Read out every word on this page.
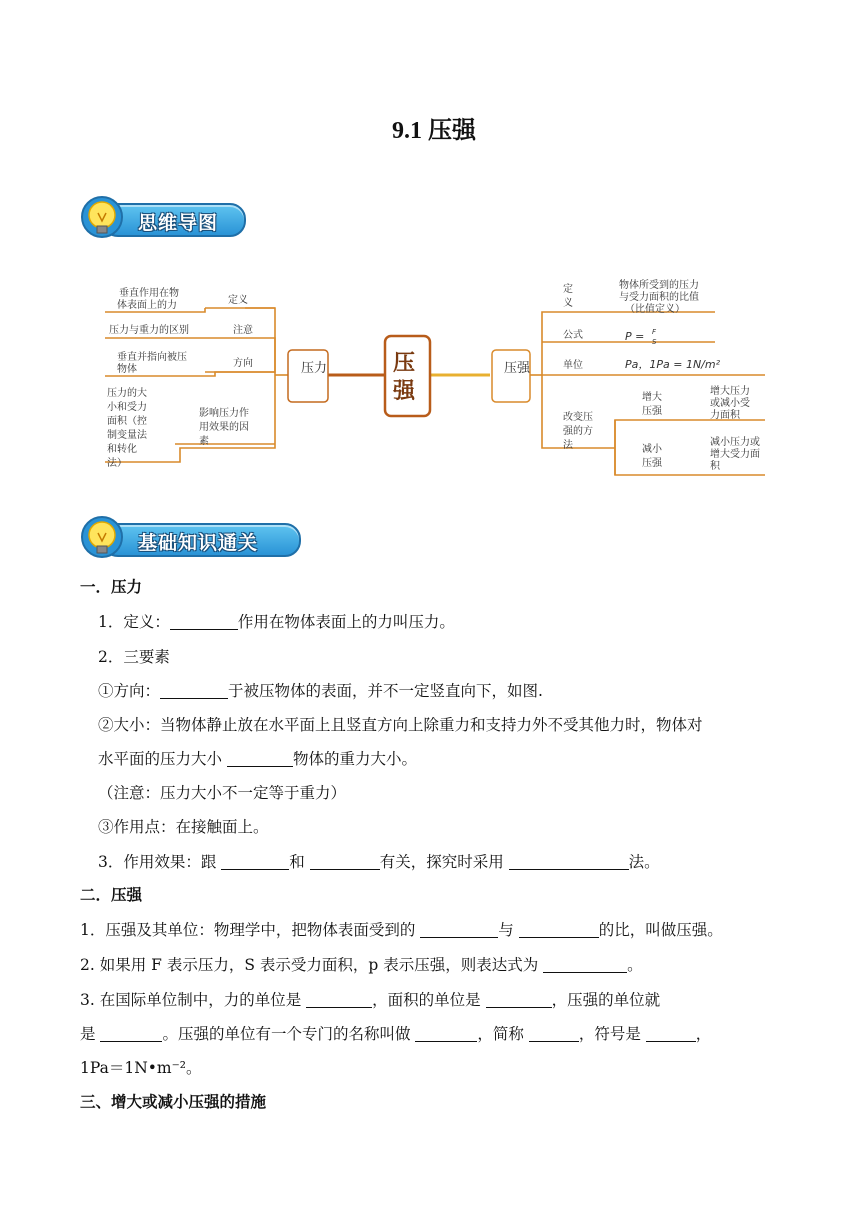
9.1 压强
思维导图
压力	压
强
压强
垂直作用在物
体表面上的力	定义
压力与重力的区别	注意
垂直并指向被压
物体
方向
压力的大
小和受力
面积（控
制变量法
和转化
法）
影响压力作
用效果的因
素
定
义
物体所受到的压力
与受力面积的比值
（比值定义）
公式	P = F
S
单位	Pa，1Pa = 1N/m²
改变压
强的方
法
增大
压强
增大压力
或减小受
力面积
减小
压强
减小压力或
增大受力面
积
基础知识通关
一．压力
1．定义：	作用在物体表面上的力叫压力。
2．三要素
①方向：	于被压物体的表面，并不一定竖直向下，如图.
②大小：当物体静止放在水平面上且竖直方向上除重力和支持力外不受其他力时，物体对
水平面的压力大小	物体的重力大小。
（注意：压力大小不一定等于重力）
③作用点：在接触面上。
3．作用效果：跟	和	有关，探究时采用	法。
二．压强
1．压强及其单位：物理学中，把物体表面受到的	与	的比，叫做压强。
2. 如果用 F 表示压力，S 表示受力面积，p 表示压强，则表达式为	。
3. 在国际单位制中，力的单位是	，面积的单位是	，压强的单位就
是	。压强的单位有一个专门的名称叫做	，简称	，符号是	，
1Pa＝1N•m⁻²。
三、增大或减小压强的措施
